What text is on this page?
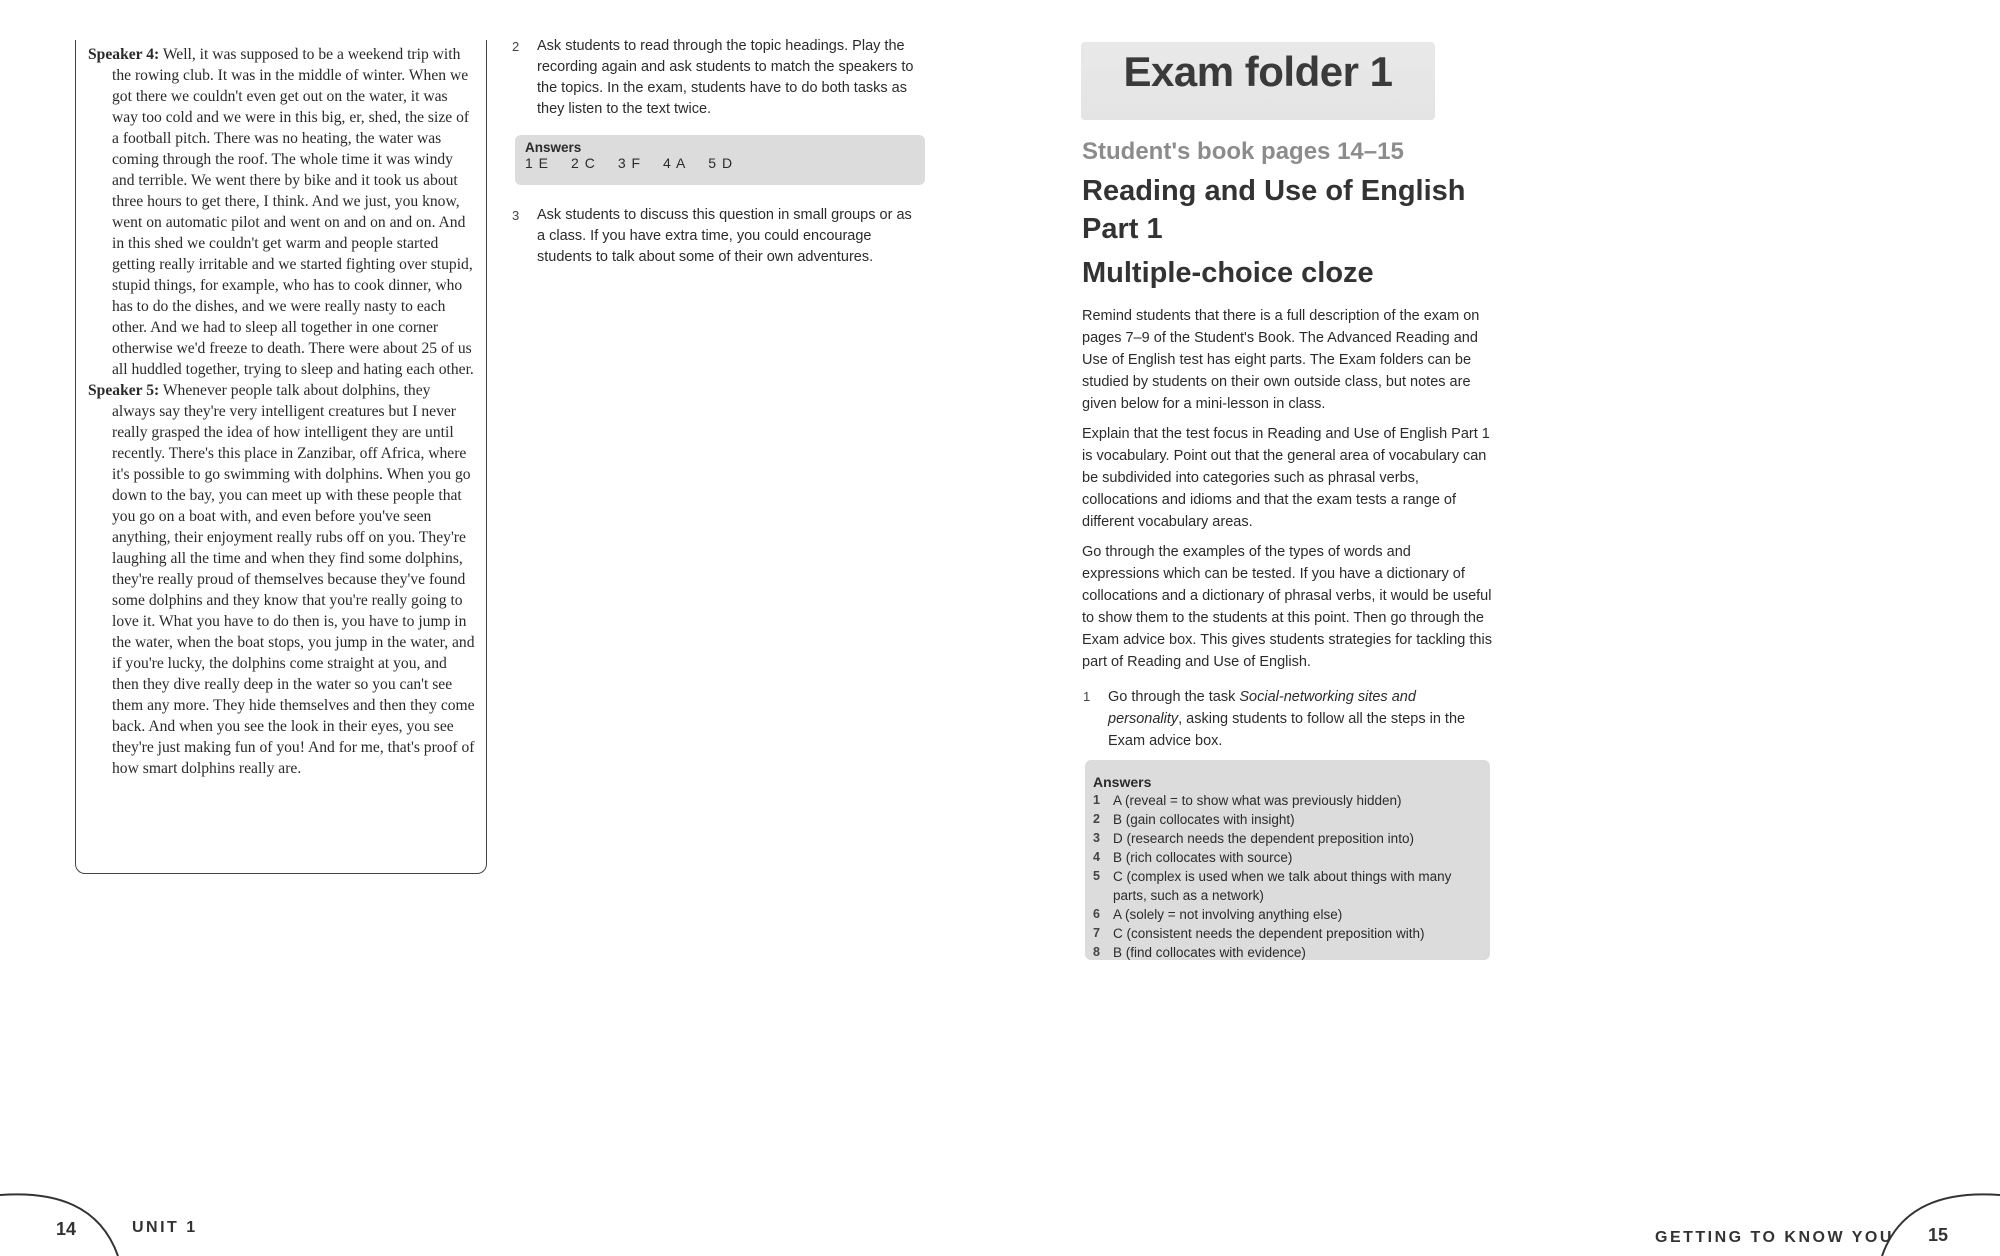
Speaker 4: Well, it was supposed to be a weekend trip with the rowing club. It was in the middle of winter. When we got there we couldn't even get out on the water, it was way too cold and we were in this big, er, shed, the size of a football pitch. There was no heating, the water was coming through the roof. The whole time it was windy and terrible. We went there by bike and it took us about three hours to get there, I think. And we just, you know, went on automatic pilot and went on and on and on. And in this shed we couldn't get warm and people started getting really irritable and we started fighting over stupid, stupid things, for example, who has to cook dinner, who has to do the dishes, and we were really nasty to each other. And we had to sleep all together in one corner otherwise we'd freeze to death. There were about 25 of us all huddled together, trying to sleep and hating each other.

Speaker 5: Whenever people talk about dolphins, they always say they're very intelligent creatures but I never really grasped the idea of how intelligent they are until recently. There's this place in Zanzibar, off Africa, where it's possible to go swimming with dolphins. When you go down to the bay, you can meet up with these people that you go on a boat with, and even before you've seen anything, their enjoyment really rubs off on you. They're laughing all the time and when they find some dolphins, they're really proud of themselves because they've found some dolphins and they know that you're really going to love it. What you have to do then is, you have to jump in the water, when the boat stops, you jump in the water, and if you're lucky, the dolphins come straight at you, and then they dive really deep in the water so you can't see them any more. They hide themselves and then they come back. And when you see the look in their eyes, you see they're just making fun of you! And for me, that's proof of how smart dolphins really are.

2	Ask students to read through the topic headings. Play the recording again and ask students to match the speakers to the topics. In the exam, students have to do both tasks as they listen to the text twice.
Answers
1 E 2 C 3 F 4 A 5 D
3	Ask students to discuss this question in small groups or as a class. If you have extra time, you could encourage students to talk about some of their own adventures.
Exam folder 1
Student's book pages 14–15
Reading and Use of English
Part 1
Multiple-choice cloze

Remind students that there is a full description of the exam on pages 7–9 of the Student's Book. The Advanced Reading and Use of English test has eight parts. The Exam folders can be studied by students on their own outside class, but notes are given below for a mini-lesson in class.

Explain that the test focus in Reading and Use of English Part 1 is vocabulary. Point out that the general area of vocabulary can be subdivided into categories such as phrasal verbs, collocations and idioms and that the exam tests a range of different vocabulary areas.

Go through the examples of the types of words and expressions which can be tested. If you have a dictionary of collocations and a dictionary of phrasal verbs, it would be useful to show them to the students at this point. Then go through the Exam advice box. This gives students strategies for tackling this part of Reading and Use of English.

1	Go through the task Social-networking sites and personality, asking students to follow all the steps in the Exam advice box.
Answers
1 A (reveal = to show what was previously hidden)
2 B (gain collocates with insight)
3 D (research needs the dependent preposition into)
4 B (rich collocates with source)
5 C (complex is used when we talk about things with many parts, such as a network)
6 A (solely = not involving anything else)
7 C (consistent needs the dependent preposition with)
8 B (find collocates with evidence)
14	UNIT 1
GETTING TO KNOW YOU 15
